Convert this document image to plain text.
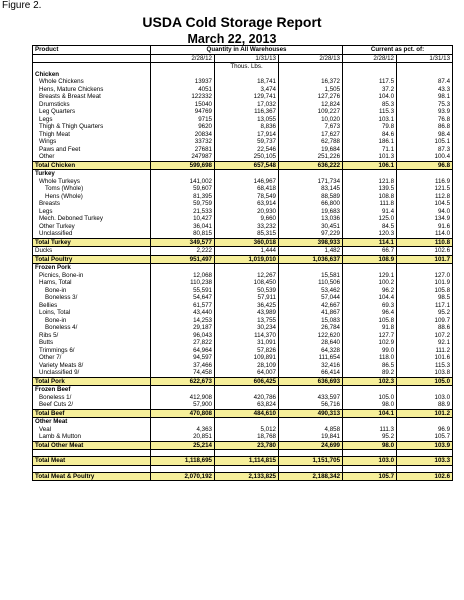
Figure 2.
USDA Cold Storage Report
March 22, 2013
Product	Quantity in All Warehouses			Current as pct. of:	
	2/28/12	1/31/13	2/28/13	2/28/12	1/31/13
		Thous. Lbs.			
Chicken					
Whole Chickens	13937	18,741	16,372	117.5	87.4
Hens, Mature Chickens	4051	3,474	1,505	37.2	43.3
Breasts & Breast Meat	122332	129,741	127,276	104.0	98.1
Drumsticks	15040	17,032	12,824	85.3	75.3
Leg Quarters	94769	116,367	109,227	115.3	93.9
Legs	9715	13,055	10,020	103.1	76.8
Thigh & Thigh Quarters	9620	8,836	7,673	79.8	86.8
Thigh Meat	20834	17,914	17,627	84.6	98.4
Wings	33732	59,737	62,788	186.1	105.1
Paws and Feet	27681	22,546	19,684	71.1	87.3
Other	247987	250,105	251,226	101.3	100.4
Total Chicken	599,698	657,548	636,222	106.1	96.8
Turkey					
Whole Turkeys	141,002	146,967	171,734	121.8	116.9
Toms (Whole)	59,607	68,418	83,145	139.5	121.5
Hens (Whole)	81,395	78,549	88,589	108.8	112.8
Breasts	59,759	63,914	66,800	111.8	104.5
Legs	21,533	20,930	19,683	91.4	94.0
Mech. Deboned Turkey	10,427	9,660	13,036	125.0	134.9
Other Turkey	36,041	33,232	30,451	84.5	91.6
Unclassified	80,815	85,315	97,229	120.3	114.0
Total Turkey	349,577	360,018	398,933	114.1	110.8
Ducks	2,222	1,444	1,482	66.7	102.6
Total Poultry	951,497	1,019,010	1,036,637	108.9	101.7
Frozen Pork					
Picnics, Bone-in	12,068	12,267	15,581	129.1	127.0
Hams, Total	110,238	108,450	110,506	100.2	101.9
Bone-in	55,591	50,539	53,462	96.2	105.8
Boneless 3/	54,647	57,911	57,044	104.4	98.5
Bellies	61,577	36,425	42,667	69.3	117.1
Loins, Total	43,440	43,989	41,867	96.4	95.2
Bone-in	14,253	13,755	15,083	105.8	109.7
Boneless 4/	29,187	30,234	26,784	91.8	88.6
Ribs 5/	96,043	114,370	122,620	127.7	107.2
Butts	27,822	31,091	28,640	102.9	92.1
Trimmings 6/	64,964	57,826	64,328	99.0	111.2
Other 7/	94,597	109,891	111,654	118.0	101.6
Variety Meats 8/	37,466	28,109	32,416	86.5	115.3
Unclassified 9/	74,458	64,007	66,414	89.2	103.8
Total Pork	622,673	606,425	636,693	102.3	105.0
Frozen Beef					
Boneless 1/	412,908	420,786	433,597	105.0	103.0
Beef Cuts 2/	57,900	63,824	56,716	98.0	88.9
Total Beef	470,808	484,610	490,313	104.1	101.2
Other Meat					
Veal	4,363	5,012	4,858	111.3	96.9
Lamb & Mutton	20,851	18,768	19,841	95.2	105.7
Total Other Meat	25,214	23,780	24,699	98.0	103.9

Total Meat	1,118,695	1,114,815	1,151,705	103.0	103.3

Total Meat & Poultry	2,070,192	2,133,825	2,188,342	105.7	102.6
